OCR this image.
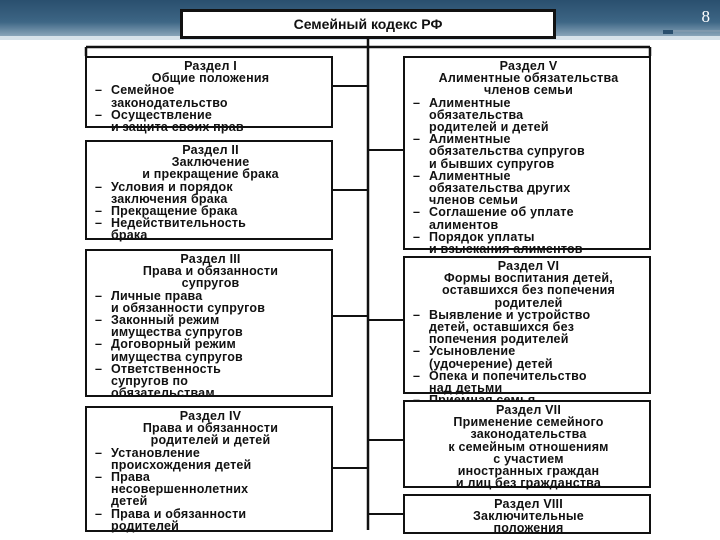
8
Семейный кодекс РФ
Раздел I
Общие положения
– Семейное
законодательство
– Осуществление
и защита своих прав
Раздел II
Заключение
и прекращение брака
– Условия и порядок
заключения брака
– Прекращение брака
– Недействительность
брака
Раздел III
Права и обязанности
супругов
– Личные права
и обязанности супругов
– Законный режим
имущества супругов
– Договорный режим
имущества супругов
– Ответственность
супругов по
обязательствам
Раздел IV
Права и обязанности
родителей и детей
– Установление
происхождения детей
– Права
несовершеннолетних
детей
– Права и обязанности
родителей
Раздел V
Алиментные обязательства
членов семьи
– Алиментные
обязательства
родителей и детей
– Алиментные
обязательства супругов
и бывших супругов
– Алиментные
обязательства других
членов семьи
– Соглашение об уплате
алиментов
– Порядок уплаты
и взыскания алиментов
Раздел VI
Формы воспитания детей,
оставшихся без попечения
родителей
– Выявление и устройство
детей, оставшихся без
попечения родителей
– Усыновление
(удочерение) детей
– Опека и попечительство
над детьми
Раздел VII
Применение семейного
законодательства
к семейным отношениям
с участием
иностранных граждан
и лиц без гражданства
Раздел VIII
Заключительные
положения
